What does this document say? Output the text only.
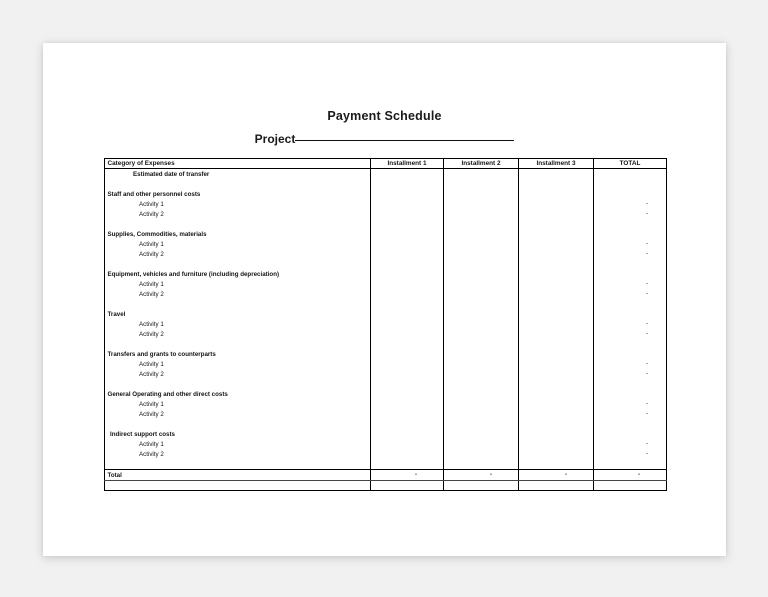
Payment Schedule
Project
Category of Expenses	Installment 1	Installment 2	Installment 3	TOTAL
Estimated date of transfer				

Staff and other personnel costs				
Activity 1				-
Activity 2				-

Supplies, Commodities, materials				
Activity 1				-
Activity 2				-

Equipment, vehicles and furniture (including depreciation)				
Activity 1				-
Activity 2				-

Travel				
Activity 1				-
Activity 2				-

Transfers and grants to counterparts				
Activity 1				-
Activity 2				-

General Operating and other direct costs				
Activity 1				-
Activity 2				-

Indirect support costs				
Activity 1				-
Activity 2				-

Total	-	-	-	-
